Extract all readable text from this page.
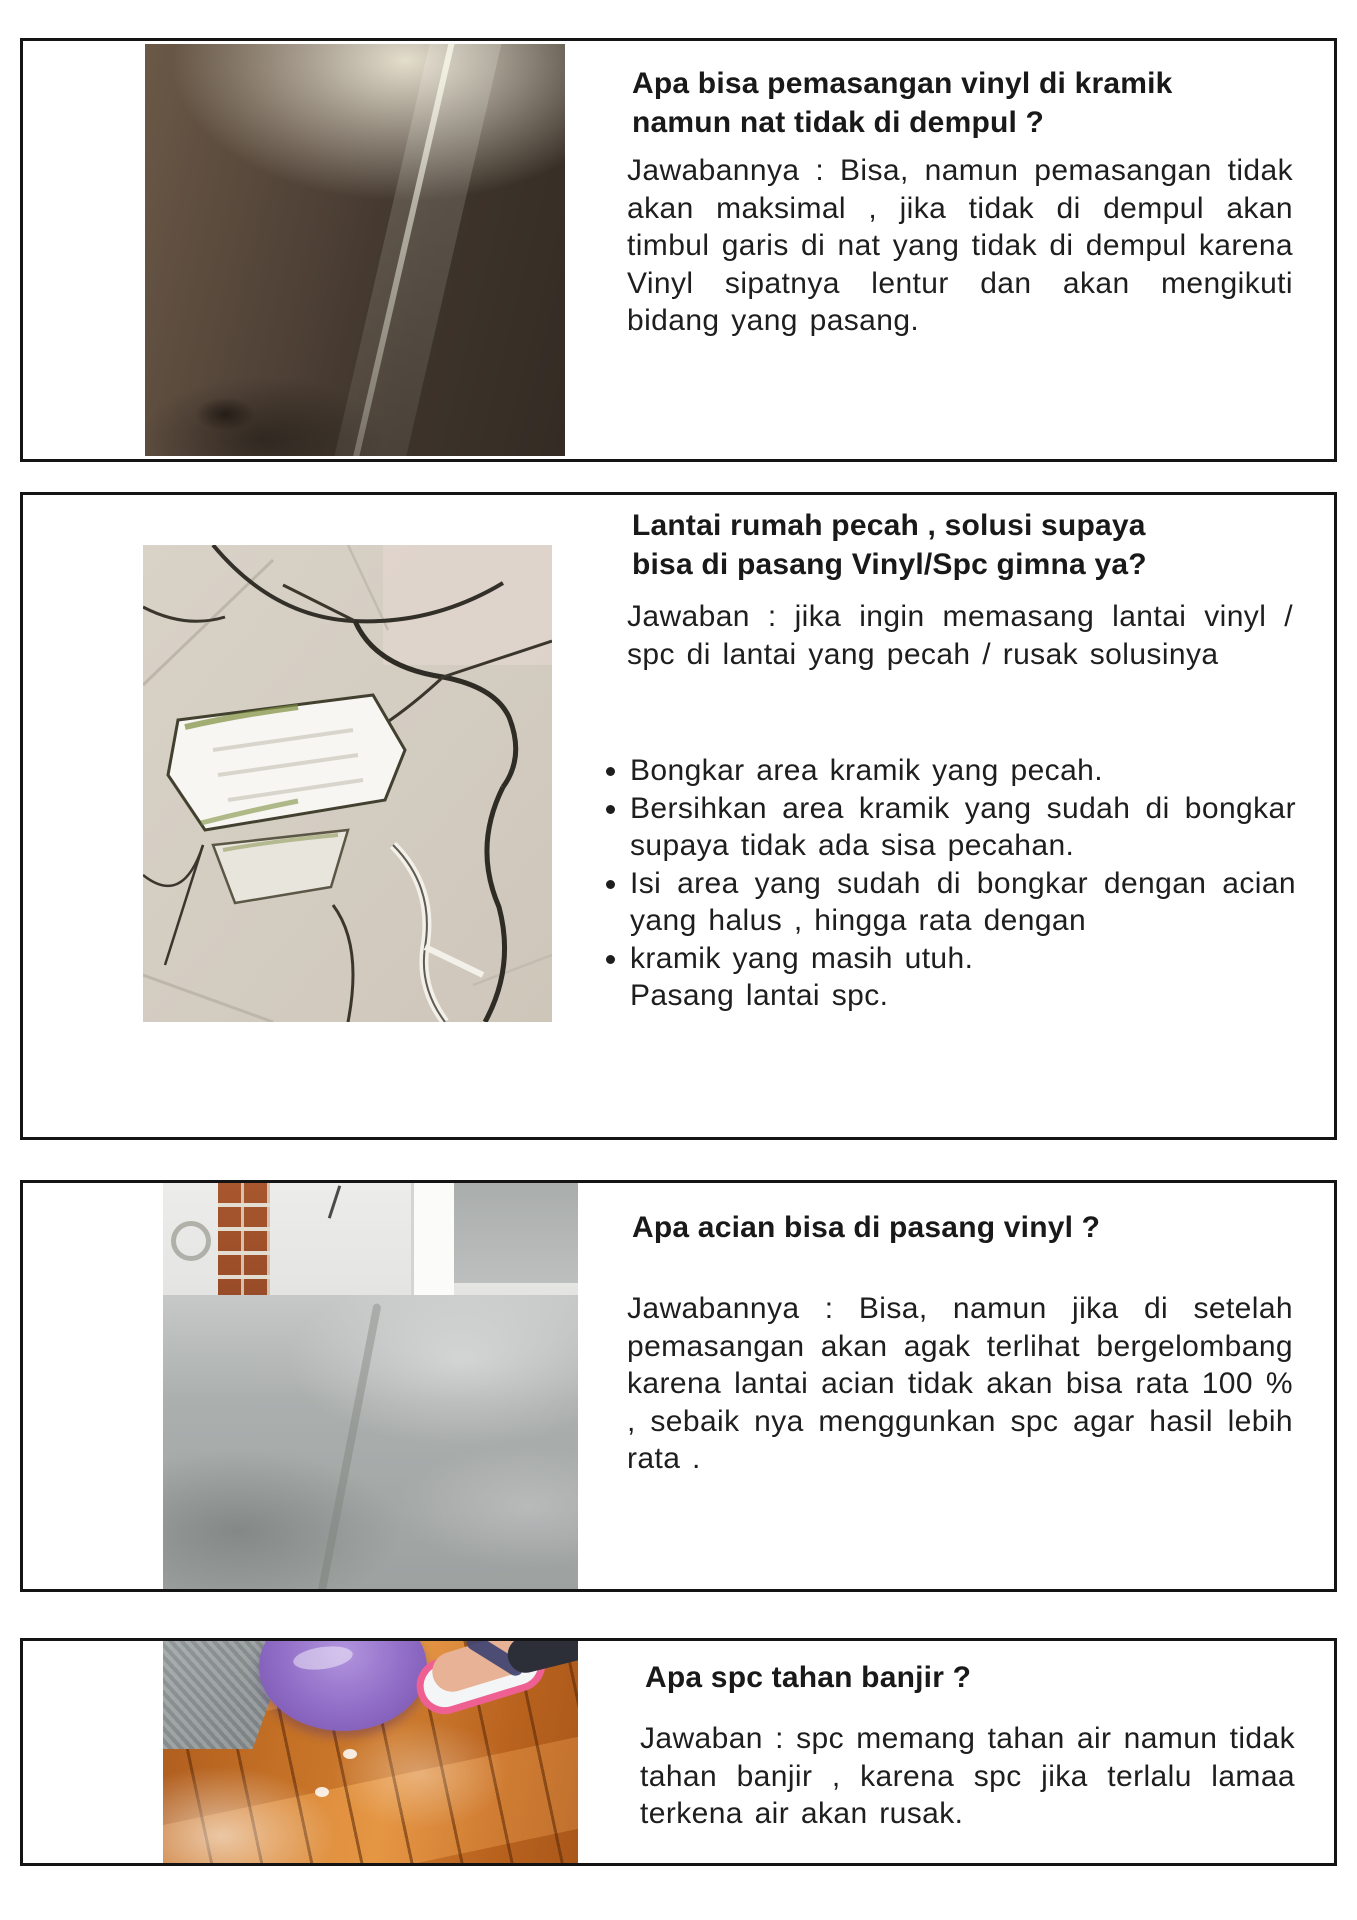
Apa bisa pemasangan vinyl di kramik
namun nat tidak di dempul ?
Jawabannya : Bisa, namun pemasangan tidak akan maksimal , jika tidak di dempul akan timbul garis di nat yang tidak di dempul karena Vinyl sipatnya lentur dan akan mengikuti bidang yang pasang.
Lantai rumah pecah , solusi supaya
bisa di pasang Vinyl/Spc gimna ya?
Jawaban : jika ingin memasang lantai vinyl / spc di lantai yang pecah / rusak solusinya
• Bongkar area kramik yang pecah.
• Bersihkan area kramik yang sudah di bongkar supaya tidak ada sisa pecahan.
• Isi area yang sudah di bongkar dengan acian yang halus , hingga rata dengan
• kramik yang masih utuh.
Pasang lantai spc.
Apa acian bisa di pasang vinyl ?
Jawabannya : Bisa, namun jika di setelah pemasangan akan agak terlihat bergelombang karena lantai acian tidak akan bisa rata 100 % , sebaik nya menggunkan spc agar hasil lebih rata .
Apa spc tahan banjir ?
Jawaban : spc memang tahan air namun tidak tahan banjir , karena spc jika terlalu lamaa terkena air akan rusak.
